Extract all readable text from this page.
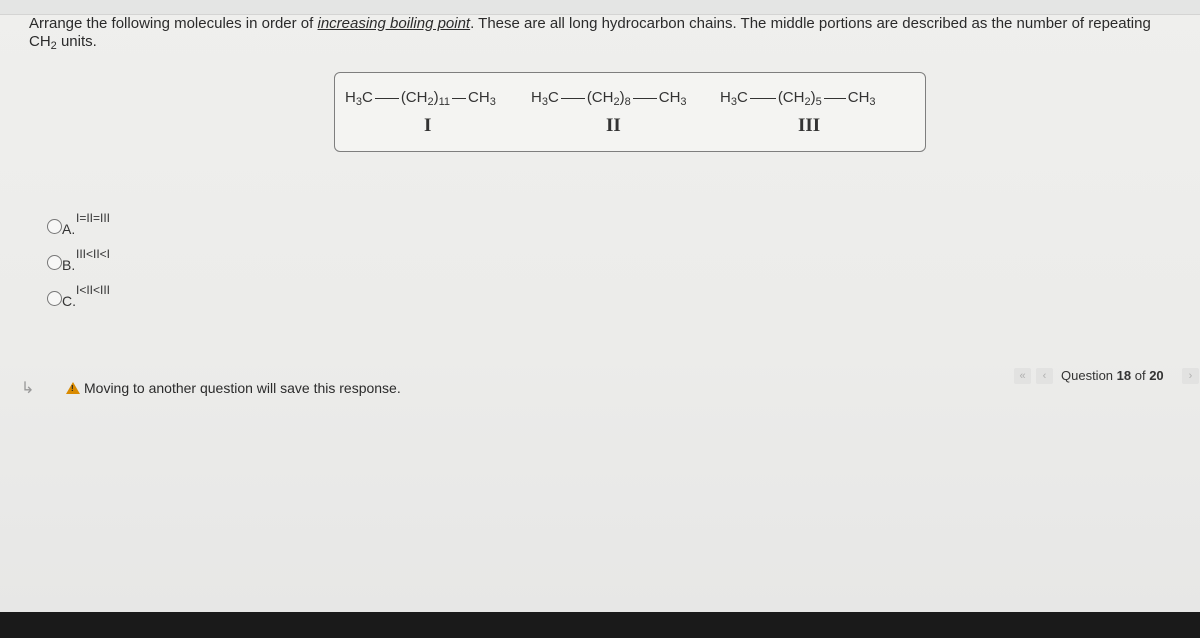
Arrange the following molecules in order of increasing boiling point. These are all long hydrocarbon chains. The middle portions are described as the number of repeating
$CH_2$ units.
$H_3C$ $(CH_2)_{11}$ $CH_3$ $H_3C$ $(CH_2)_8$ $CH_3$ $H_3C$ $(CH_2)_5$ $CH_3$
I	II	III
A.
I=II=III
B.
III<II<I
C.
I<II<III
↳	! Moving to another question will save this response.
«	‹	Question 18 of 20	›
